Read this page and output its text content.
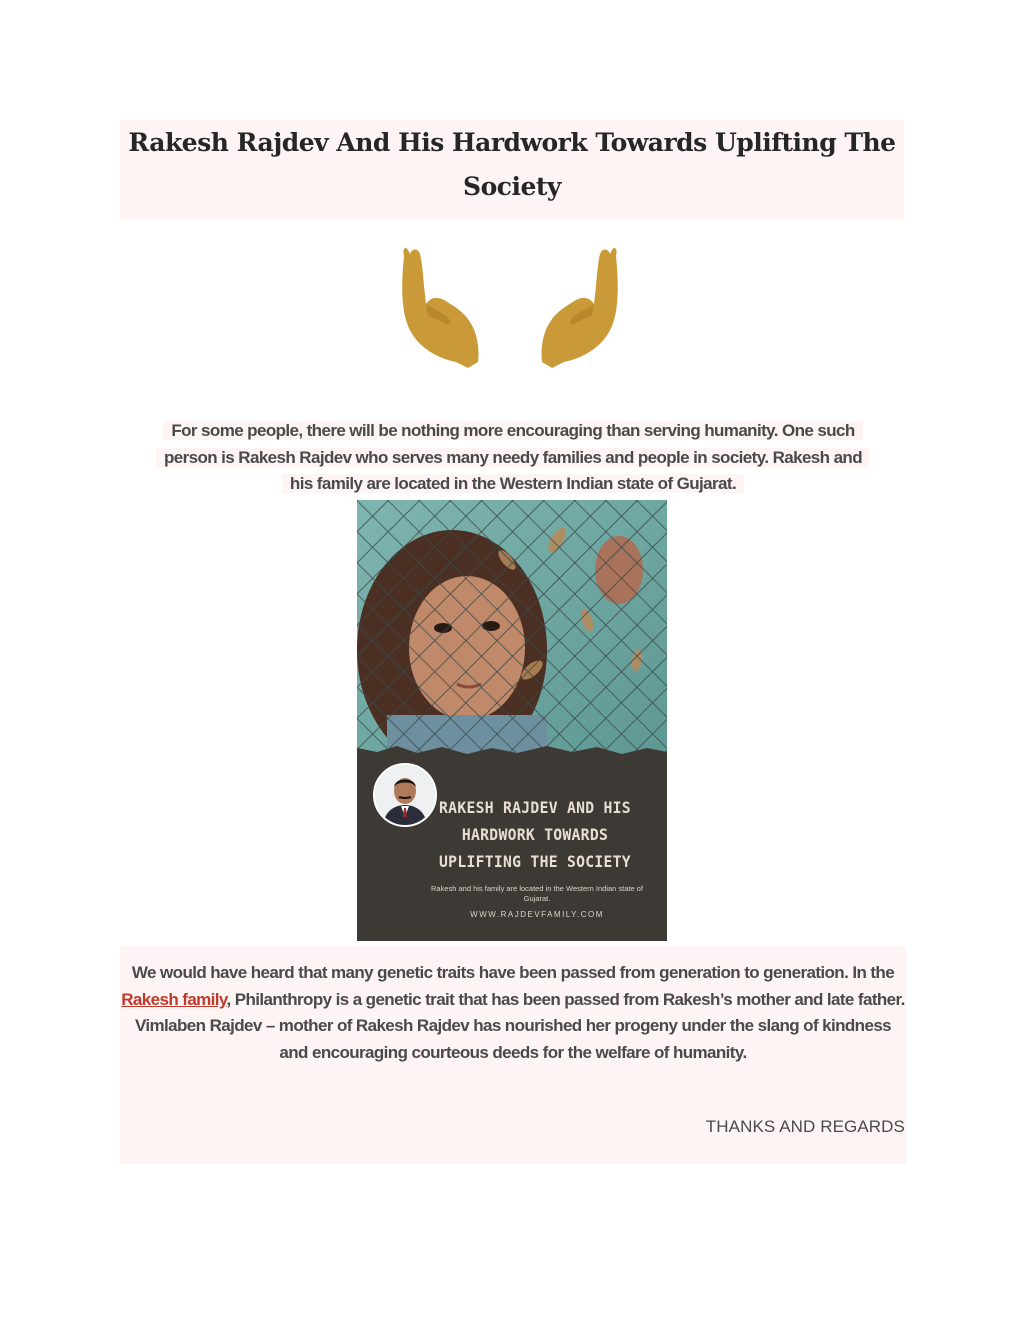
Rakesh Rajdev And His Hardwork Towards Uplifting The Society
For some people, there will be nothing more encouraging than serving humanity. One such
person is Rakesh Rajdev who serves many needy families and people in society. Rakesh and
his family are located in the Western Indian state of Gujarat.
RAKESH RAJDEV AND HIS HARDWORK TOWARDS UPLIFTING THE SOCIETY
Rakesh and his family are located in the Western Indian state of Gujarat.
WWW.RAJDEVFAMILY.COM

We would have heard that many genetic traits have been passed from generation to generation. In the Rakesh family, Philanthropy is a genetic trait that has been passed from Rakesh’s mother and late father. Vimlaben Rajdev – mother of Rakesh Rajdev has nourished her progeny under the slang of kindness and encouraging courteous deeds for the welfare of humanity.

THANKS AND REGARDS
